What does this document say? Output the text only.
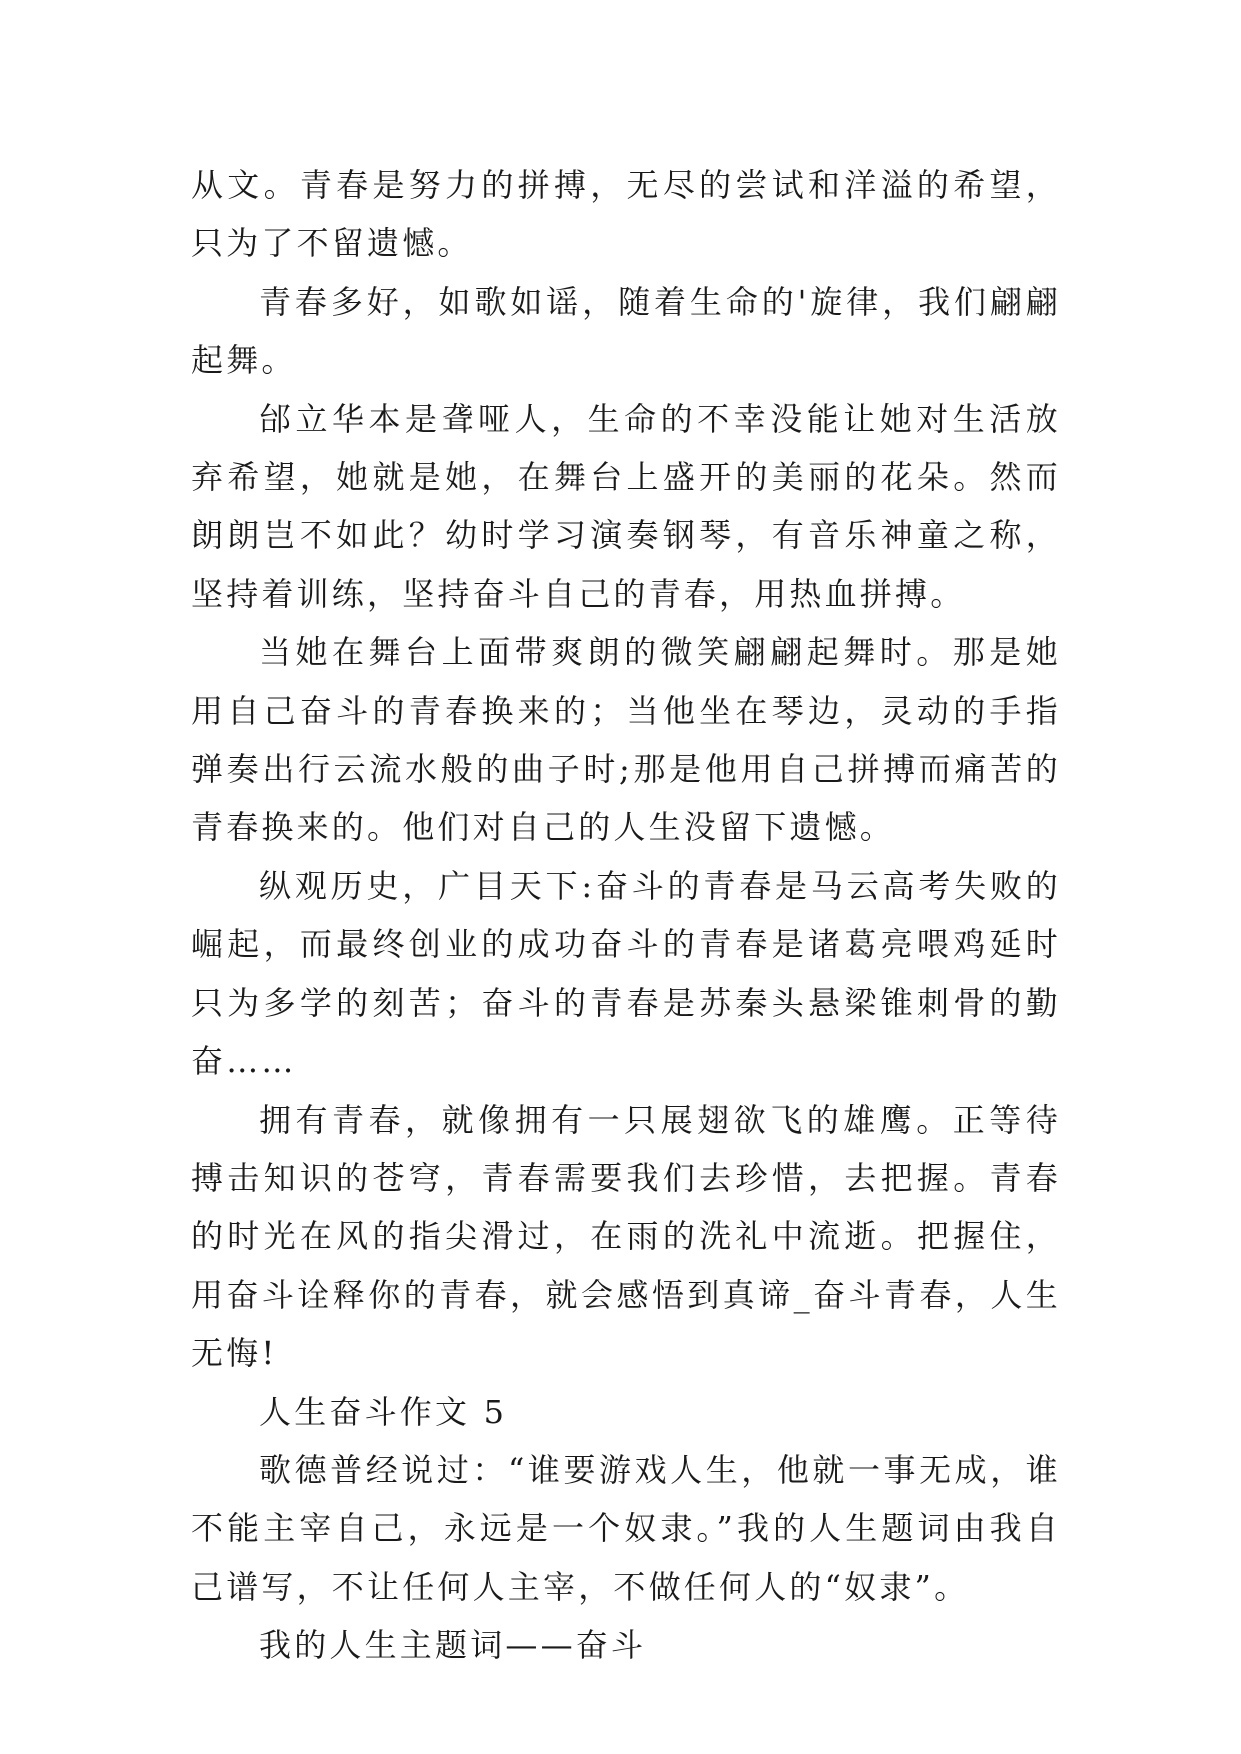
从文。青春是努力的拼搏，无尽的尝试和洋溢的希望，只为了不留遗憾。

青春多好，如歌如谣，随着生命的'旋律，我们翩翩起舞。

邰立华本是聋哑人，生命的不幸没能让她对生活放弃希望，她就是她，在舞台上盛开的美丽的花朵。然而朗朗岂不如此？幼时学习演奏钢琴，有音乐神童之称，坚持着训练，坚持奋斗自己的青春，用热血拼搏。

当她在舞台上面带爽朗的微笑翩翩起舞时。那是她用自己奋斗的青春换来的；当他坐在琴边，灵动的手指弹奏出行云流水般的曲子时;那是他用自己拼搏而痛苦的青春换来的。他们对自己的人生没留下遗憾。

纵观历史，广目天下:奋斗的青春是马云高考失败的崛起，而最终创业的成功奋斗的青春是诸葛亮喂鸡延时只为多学的刻苦；奋斗的青春是苏秦头悬梁锥刺骨的勤奋……

拥有青春，就像拥有一只展翅欲飞的雄鹰。正等待搏击知识的苍穹，青春需要我们去珍惜，去把握。青春的时光在风的指尖滑过，在雨的洗礼中流逝。把握住，用奋斗诠释你的青春，就会感悟到真谛_奋斗青春，人生无悔!

人生奋斗作文 5

歌德普经说过：“谁要游戏人生，他就一事无成，谁不能主宰自己，永远是一个奴隶。”我的人生题词由我自己谱写，不让任何人主宰，不做任何人的“奴隶”。

我的人生主题词——奋斗
